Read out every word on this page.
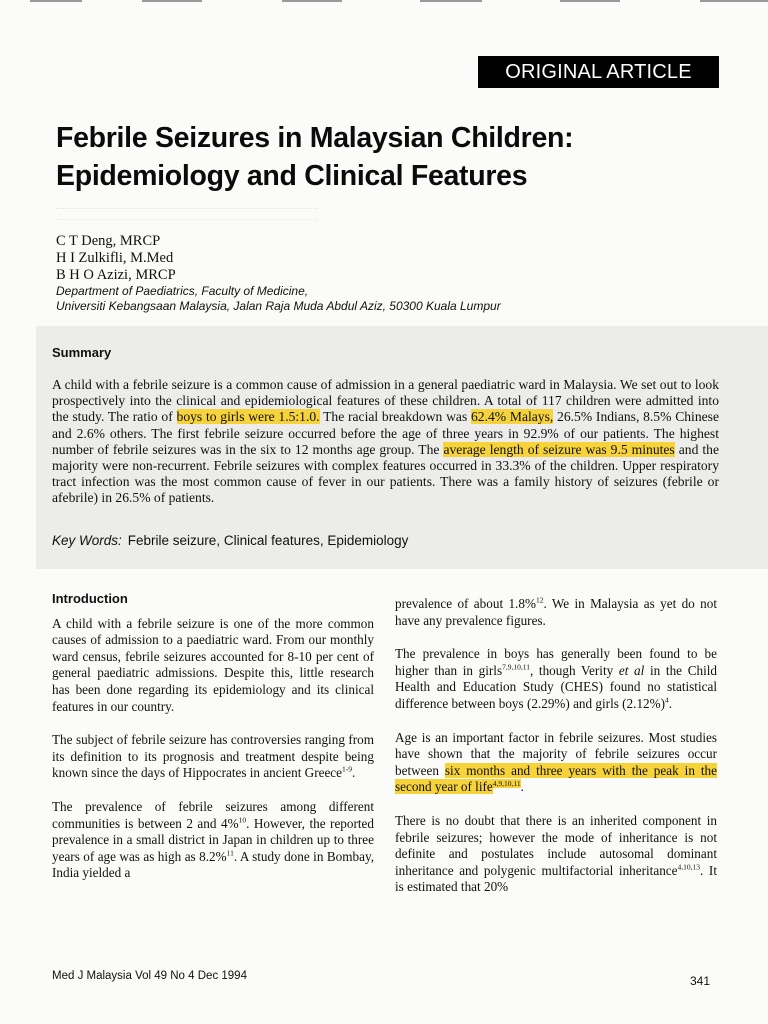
ORIGINAL ARTICLE
Febrile Seizures in Malaysian Children:
Epidemiology and Clinical Features
C T Deng, MRCP
H I Zulkifli, M.Med
B H O Azizi, MRCP
Department of Paediatrics, Faculty of Medicine,
Universiti Kebangsaan Malaysia, Jalan Raja Muda Abdul Aziz, 50300 Kuala Lumpur
Summary
A child with a febrile seizure is a common cause of admission in a general paediatric ward in Malaysia. We set out to look prospectively into the clinical and epidemiological features of these children. A total of 117 children were admitted into the study. The ratio of boys to girls were 1.5:1.0. The racial breakdown was 62.4% Malays, 26.5% Indians, 8.5% Chinese and 2.6% others. The first febrile seizure occurred before the age of three years in 92.9% of our patients. The highest number of febrile seizures was in the six to 12 months age group. The average length of seizure was 9.5 minutes and the majority were non-recurrent. Febrile seizures with complex features occurred in 33.3% of the children. Upper respiratory tract infection was the most common cause of fever in our patients. There was a family history of seizures (febrile or afebrile) in 26.5% of patients.
Key Words: Febrile seizure, Clinical features, Epidemiology
Introduction

A child with a febrile seizure is one of the more common causes of admission to a paediatric ward. From our monthly ward census, febrile seizures accounted for 8-10 per cent of general paediatric admissions. Despite this, little research has been done regarding its epidemiology and its clinical features in our country.

The subject of febrile seizure has controversies ranging from its definition to its prognosis and treatment despite being known since the days of Hippocrates in ancient Greece$^{1-9}$.

The prevalence of febrile seizures among different communities is between 2 and 4%$^{10}$. However, the reported prevalence in a small district in Japan in children up to three years of age was as high as 8.2%$^{11}$. A study done in Bombay, India yielded a

prevalence of about 1.8%$^{12}$. We in Malaysia as yet do not have any prevalence figures.

The prevalence in boys has generally been found to be higher than in girls$^{7,9,10,11}$, though Verity et al in the Child Health and Education Study (CHES) found no statistical difference between boys (2.29%) and girls $(2.12\%)^4$.

Age is an important factor in febrile seizures. Most studies have shown that the majority of febrile seizures occur between six months and three years with the peak in the second year of life$^{4,9,10,11}$.

There is no doubt that there is an inherited component in febrile seizures; however the mode of inheritance is not definite and postulates include autosomal dominant inheritance and polygenic multifactorial inheritance$^{4,10,13}$. It is estimated that 20%

Med J Malaysia Vol 49 No 4 Dec 1994	341
